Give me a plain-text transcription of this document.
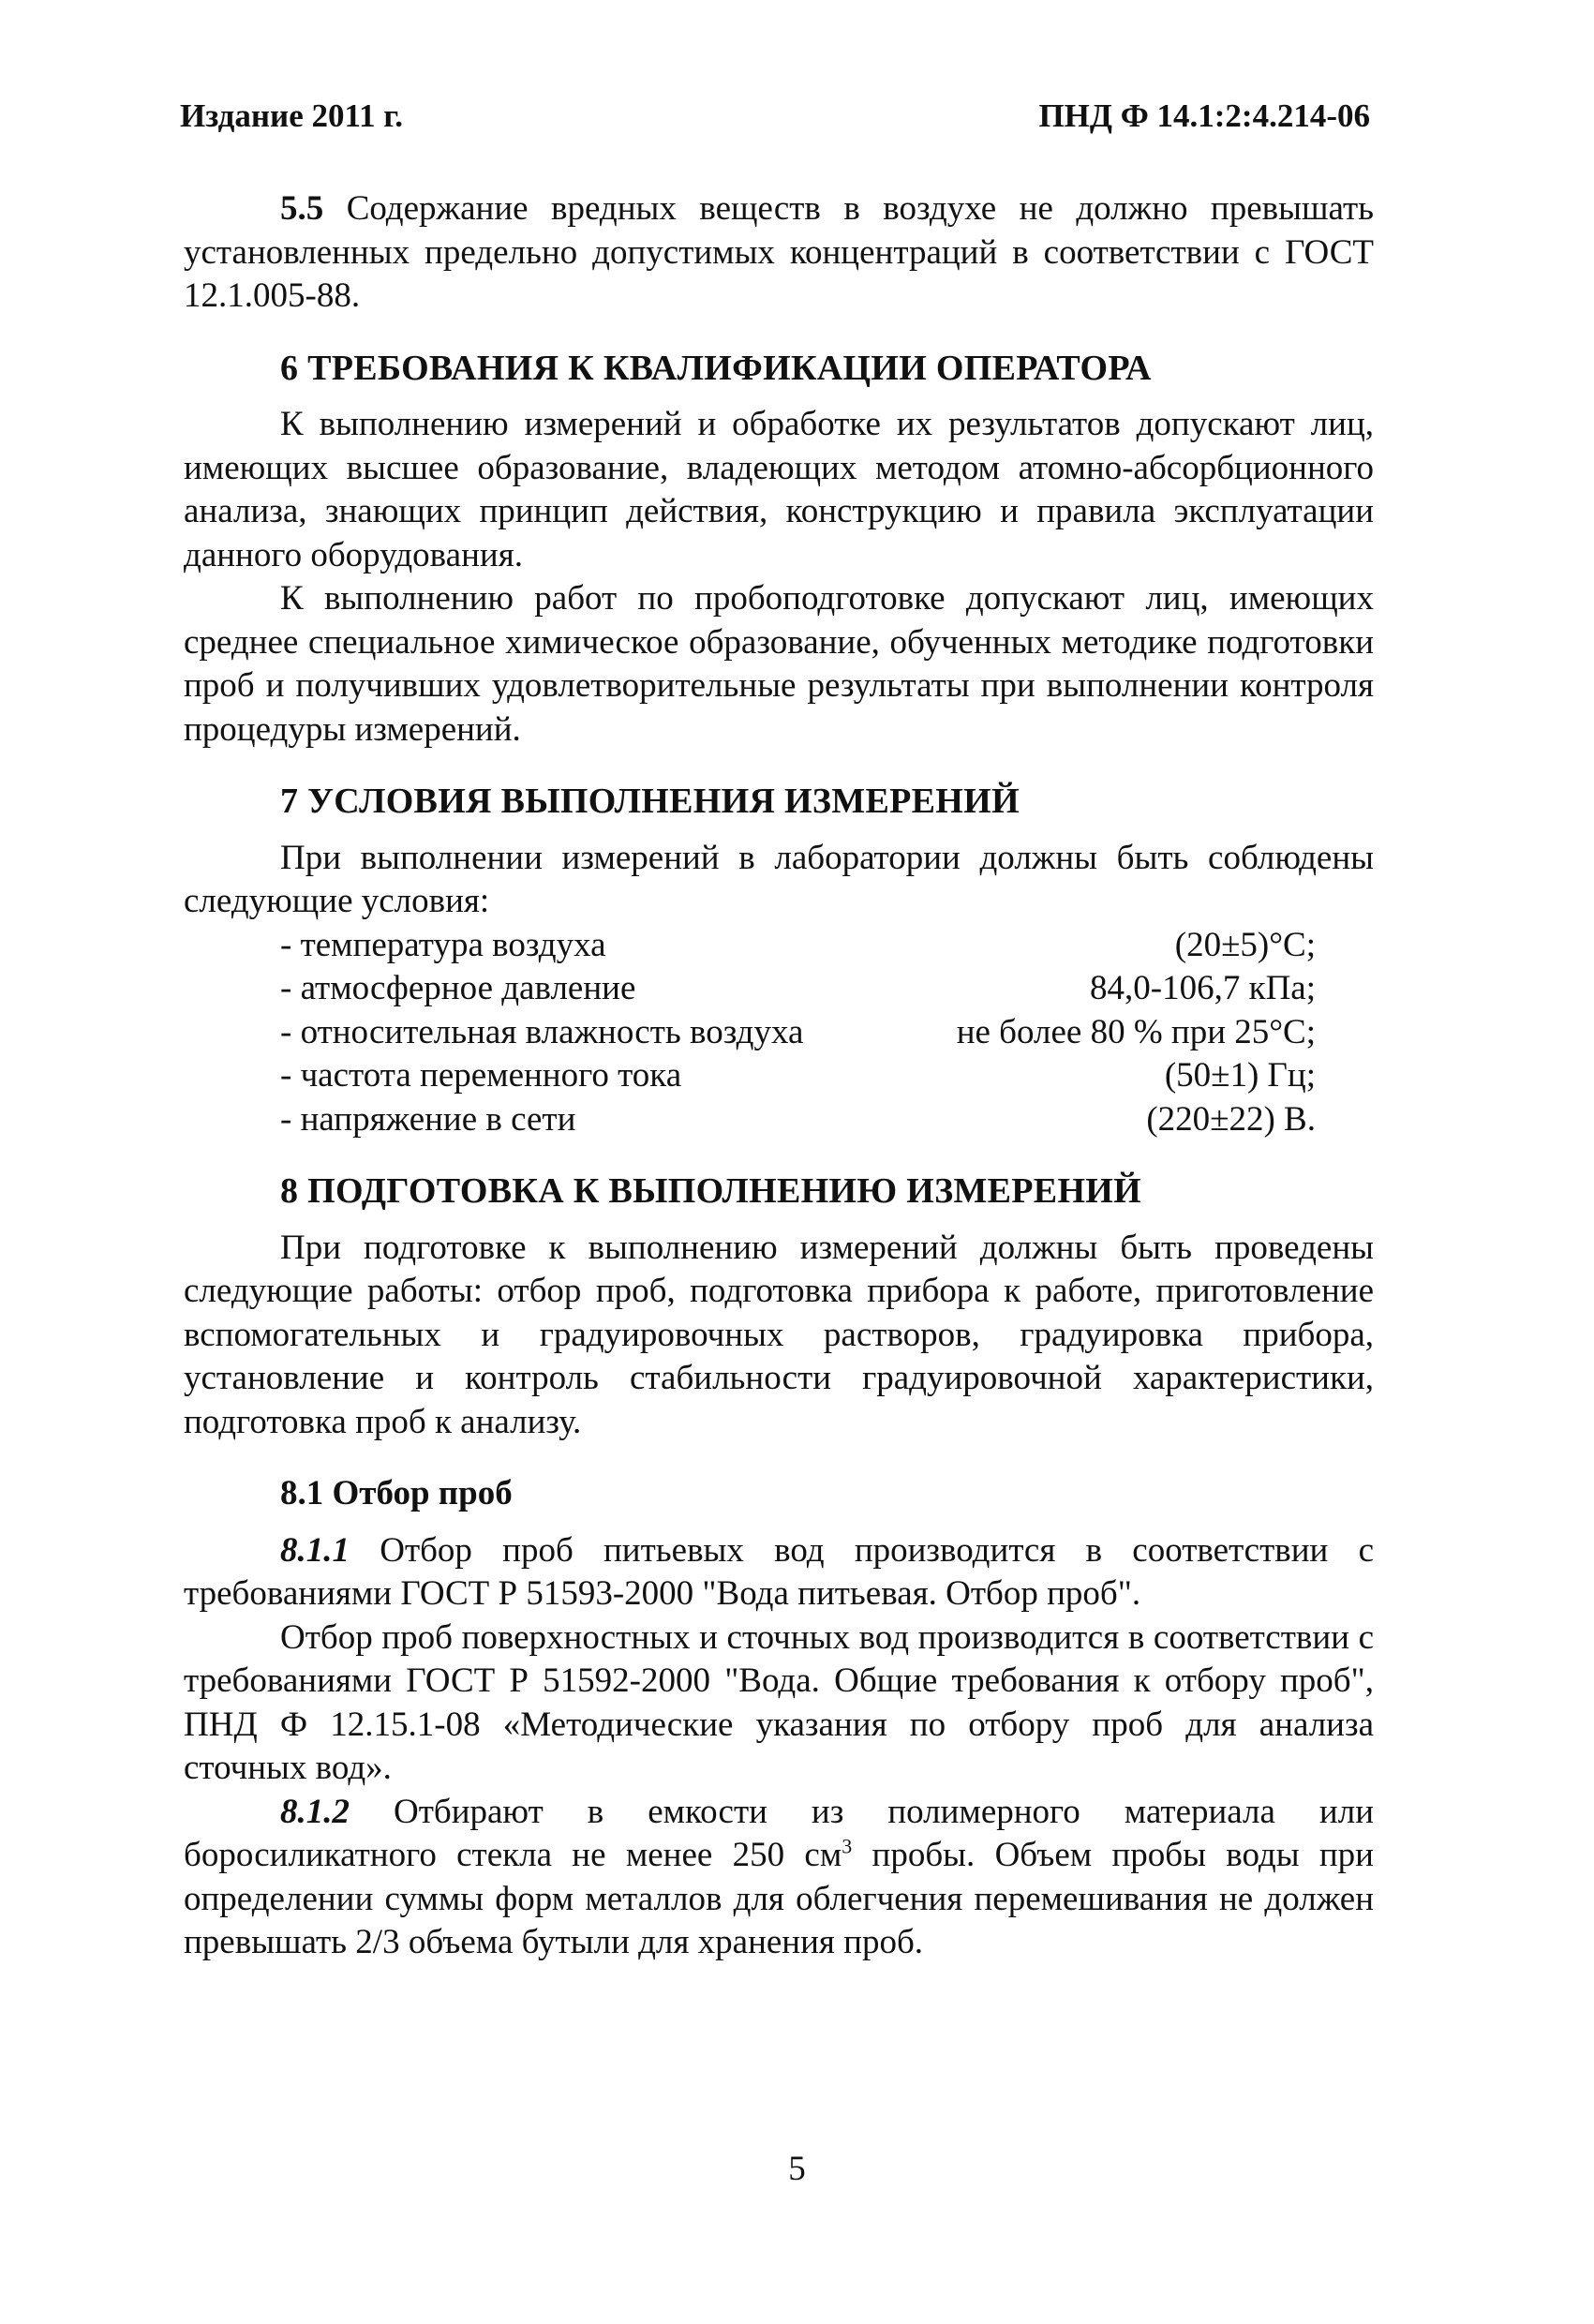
Издание 2011 г.	ПНД Ф 14.1:2:4.214-06

5.5 Содержание вредных веществ в воздухе не должно превышать установленных предельно допустимых концентраций в соответствии с ГОСТ 12.1.005-88.

6 ТРЕБОВАНИЯ К КВАЛИФИКАЦИИ ОПЕРАТОРА

К выполнению измерений и обработке их результатов допускают лиц, имеющих высшее образование, владеющих методом атомно-абсорбционного анализа, знающих принцип действия, конструкцию и правила эксплуатации данного оборудования.

К выполнению работ по пробоподготовке допускают лиц, имеющих среднее специальное химическое образование, обученных методике подготовки проб и получивших удовлетворительные результаты при выполнении контроля процедуры измерений.

7 УСЛОВИЯ ВЫПОЛНЕНИЯ ИЗМЕРЕНИЙ

При выполнении измерений в лаборатории должны быть соблюдены следующие условия:

- температура воздуха	(20±5)°C;
- атмосферное давление	84,0-106,7 кПа;
- относительная влажность воздуха	не более 80 % при 25°C;
- частота переменного тока	(50±1) Гц;
- напряжение в сети	(220±22) В.
8 ПОДГОТОВКА К ВЫПОЛНЕНИЮ ИЗМЕРЕНИЙ

При подготовке к выполнению измерений должны быть проведены следующие работы: отбор проб, подготовка прибора к работе, приготовление вспомогательных и градуировочных растворов, градуировка прибора, установление и контроль стабильности градуировочной характеристики, подготовка проб к анализу.

8.1 Отбор проб

8.1.1 Отбор проб питьевых вод производится в соответствии с требованиями ГОСТ Р 51593-2000 "Вода питьевая. Отбор проб".

Отбор проб поверхностных и сточных вод производится в соответствии с требованиями ГОСТ Р 51592-2000 "Вода. Общие требования к отбору проб", ПНД Ф 12.15.1-08 «Методические указания по отбору проб для анализа сточных вод».

8.1.2 Отбирают в емкости из полимерного материала или боросиликатного стекла не менее 250 $см^3$ пробы. Объем пробы воды при определении суммы форм металлов для облегчения перемешивания не должен превышать 2/3 объема бутыли для хранения проб.

5
